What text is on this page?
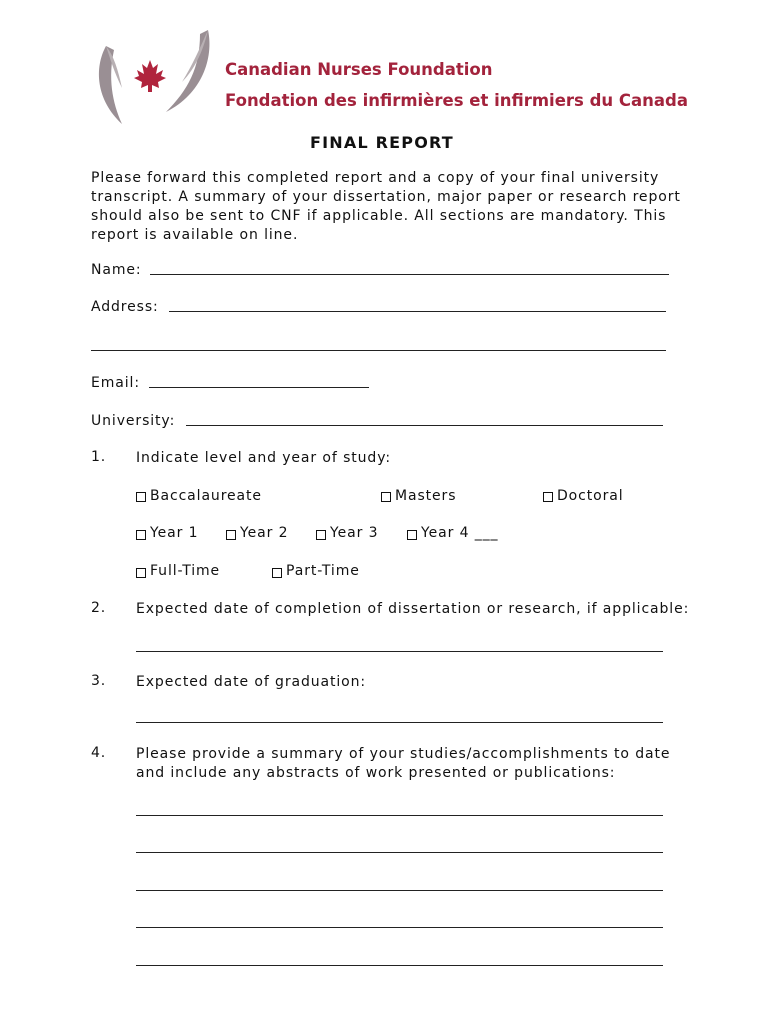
Canadian Nurses Foundation
Fondation des infirmières et infirmiers du Canada
FINAL REPORT
Please forward this completed report and a copy of your final university
transcript. A summary of your dissertation, major paper or research report
should also be sent to CNF if applicable. All sections are mandatory. This
report is available on line.
Name:
Address:
Email:
University:
1. Indicate level and year of study:
Baccalaureate	Masters	Doctoral
Year 1	Year 2	Year 3	Year 4 ___
Full-Time	Part-Time
2. Expected date of completion of dissertation or research, if applicable:
3. Expected date of graduation:
4. Please provide a summary of your studies/accomplishments to date
and include any abstracts of work presented or publications:
